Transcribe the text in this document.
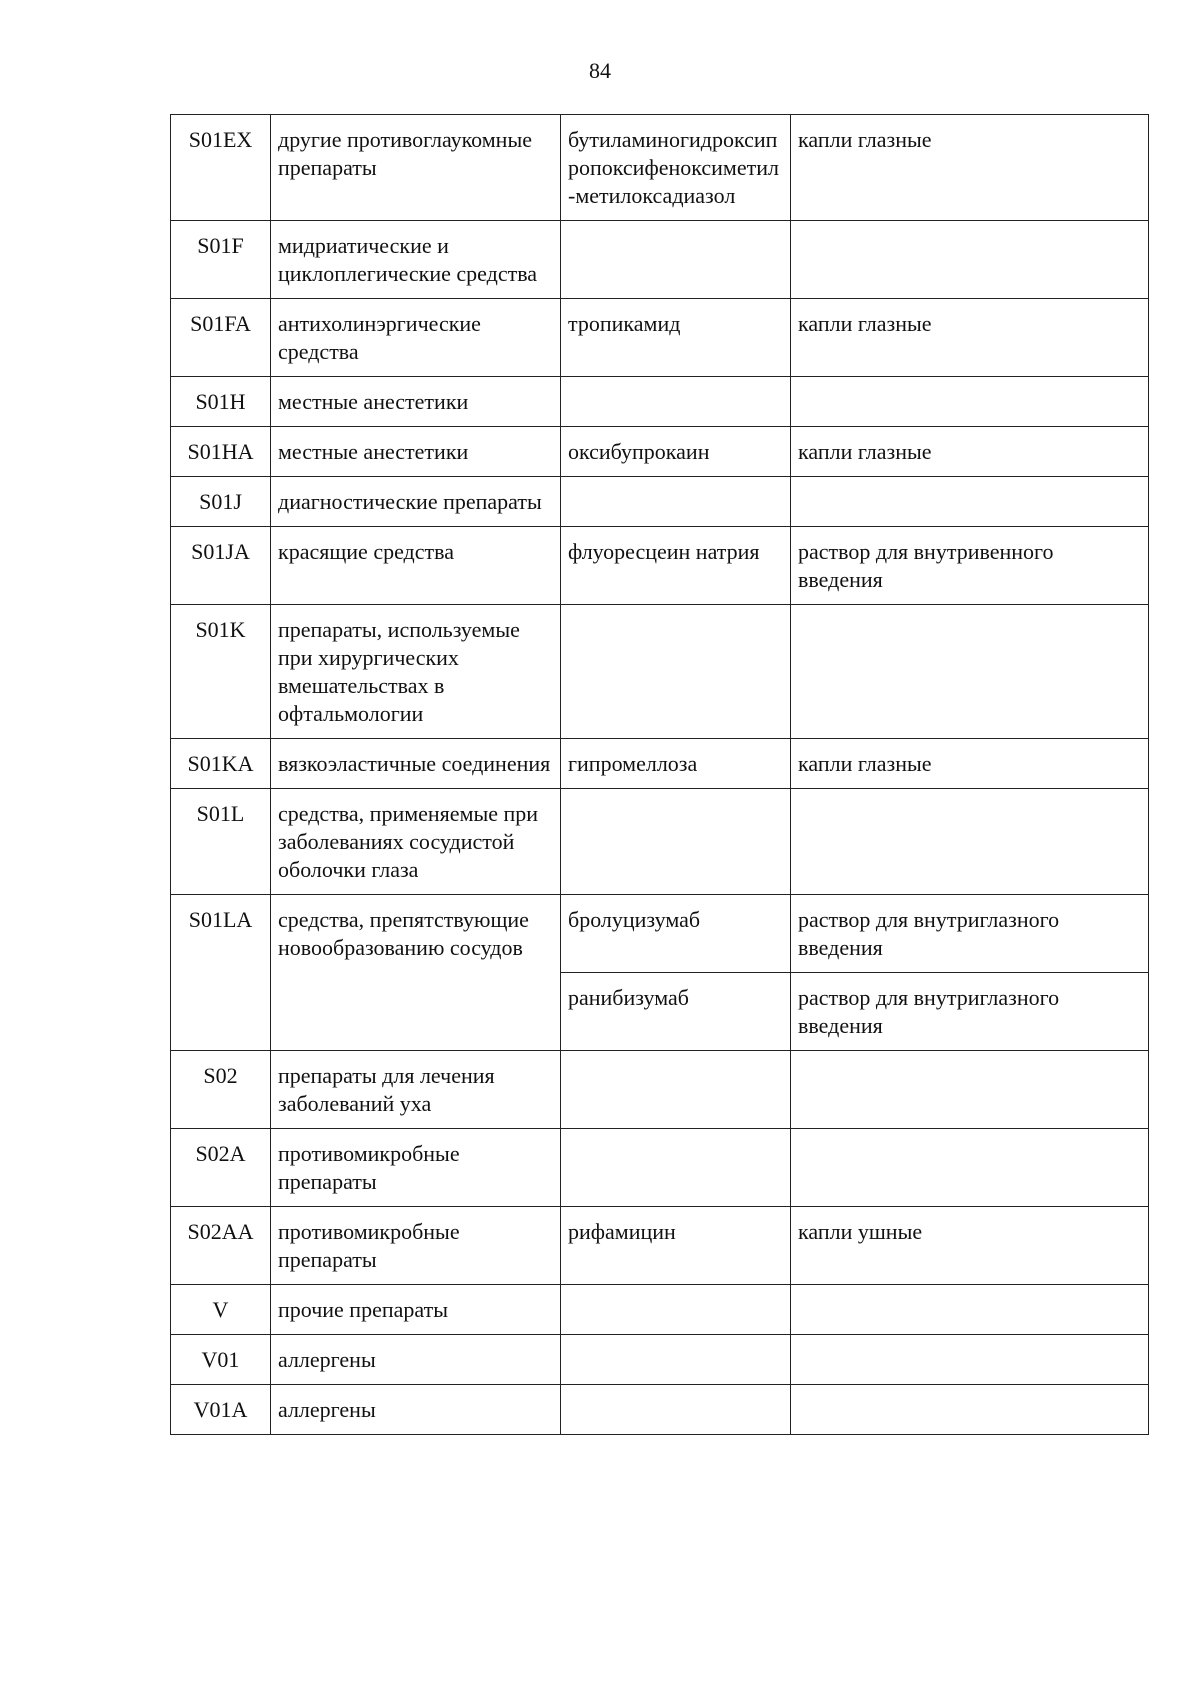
84
S01EX	другие противоглаукомные препараты	бутиламиногидроксипропоксифеноксиметил-метилоксадиазол	капли глазные
S01F	мидриатические и циклоплегические средства		
S01FA	антихолинэргические средства	тропикамид	капли глазные
S01H	местные анестетики		
S01HA	местные анестетики	оксибупрокаин	капли глазные
S01J	диагностические препараты		
S01JA	красящие средства	флуоресцеин натрия	раствор для внутривенного введения
S01K	препараты, используемые при хирургических вмешательствах в офтальмологии		
S01KA	вязкоэластичные соединения	гипромеллоза	капли глазные
S01L	средства, применяемые при заболеваниях сосудистой оболочки глаза		
S01LA	средства, препятствующие новообразованию сосудов	бролуцизумаб	раствор для внутриглазного введения
		ранибизумаб	раствор для внутриглазного введения
S02	препараты для лечения заболеваний уха		
S02A	противомикробные препараты		
S02AA	противомикробные препараты	рифамицин	капли ушные
V	прочие препараты		
V01	аллергены		
V01A	аллергены		
